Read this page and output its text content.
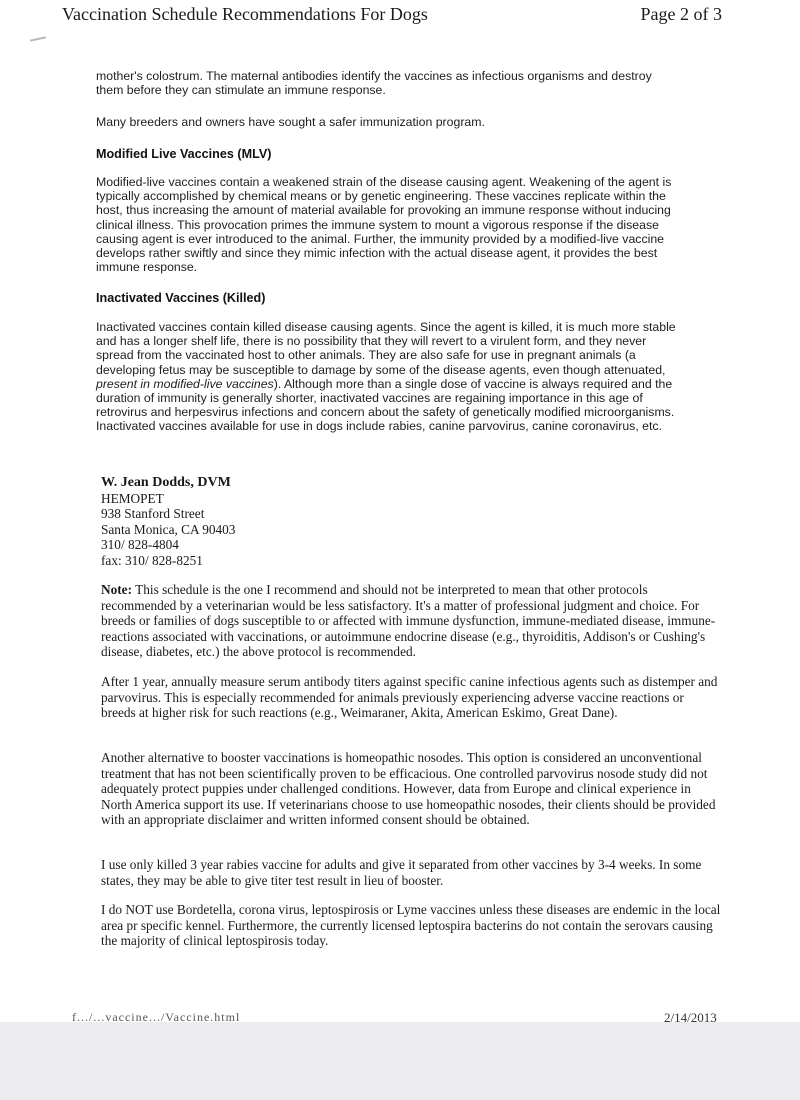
Vaccination Schedule Recommendations For Dogs	Page 2 of 3

mother's colostrum. The maternal antibodies identify the vaccines as infectious organisms and destroy them before they can stimulate an immune response.

Many breeders and owners have sought a safer immunization program.

Modified Live Vaccines (MLV)

Modified-live vaccines contain a weakened strain of the disease causing agent. Weakening of the agent is typically accomplished by chemical means or by genetic engineering. These vaccines replicate within the host, thus increasing the amount of material available for provoking an immune response without inducing clinical illness. This provocation primes the immune system to mount a vigorous response if the disease causing agent is ever introduced to the animal. Further, the immunity provided by a modified-live vaccine develops rather swiftly and since they mimic infection with the actual disease agent, it provides the best immune response.

Inactivated Vaccines (Killed)

Inactivated vaccines contain killed disease causing agents. Since the agent is killed, it is much more stable and has a longer shelf life, there is no possibility that they will revert to a virulent form, and they never spread from the vaccinated host to other animals. They are also safe for use in pregnant animals (a developing fetus may be susceptible to damage by some of the disease agents, even though attenuated, present in modified-live vaccines). Although more than a single dose of vaccine is always required and the duration of immunity is generally shorter, inactivated vaccines are regaining importance in this age of retrovirus and herpesvirus infections and concern about the safety of genetically modified microorganisms. Inactivated vaccines available for use in dogs include rabies, canine parvovirus, canine coronavirus, etc.

W. Jean Dodds, DVM
HEMOPET
938 Stanford Street
Santa Monica, CA 90403
310/ 828-4804
fax: 310/ 828-8251

Note: This schedule is the one I recommend and should not be interpreted to mean that other protocols recommended by a veterinarian would be less satisfactory. It's a matter of professional judgment and choice. For breeds or families of dogs susceptible to or affected with immune dysfunction, immune-mediated disease, immune-reactions associated with vaccinations, or autoimmune endocrine disease (e.g., thyroiditis, Addison's or Cushing's disease, diabetes, etc.) the above protocol is recommended.

After 1 year, annually measure serum antibody titers against specific canine infectious agents such as distemper and parvovirus. This is especially recommended for animals previously experiencing adverse vaccine reactions or breeds at higher risk for such reactions (e.g., Weimaraner, Akita, American Eskimo, Great Dane).

Another alternative to booster vaccinations is homeopathic nosodes. This option is considered an unconventional treatment that has not been scientifically proven to be efficacious. One controlled parvovirus nosode study did not adequately protect puppies under challenged conditions. However, data from Europe and clinical experience in North America support its use. If veterinarians choose to use homeopathic nosodes, their clients should be provided with an appropriate disclaimer and written informed consent should be obtained.

I use only killed 3 year rabies vaccine for adults and give it separated from other vaccines by 3-4 weeks. In some states, they may be able to give titer test result in lieu of booster.

I do NOT use Bordetella, corona virus, leptospirosis or Lyme vaccines unless these diseases are endemic in the local area pr specific kennel. Furthermore, the currently licensed leptospira bacterins do not contain the serovars causing the majority of clinical leptospirosis today.

f.../...vaccine.../Vaccine.html	2/14/2013
